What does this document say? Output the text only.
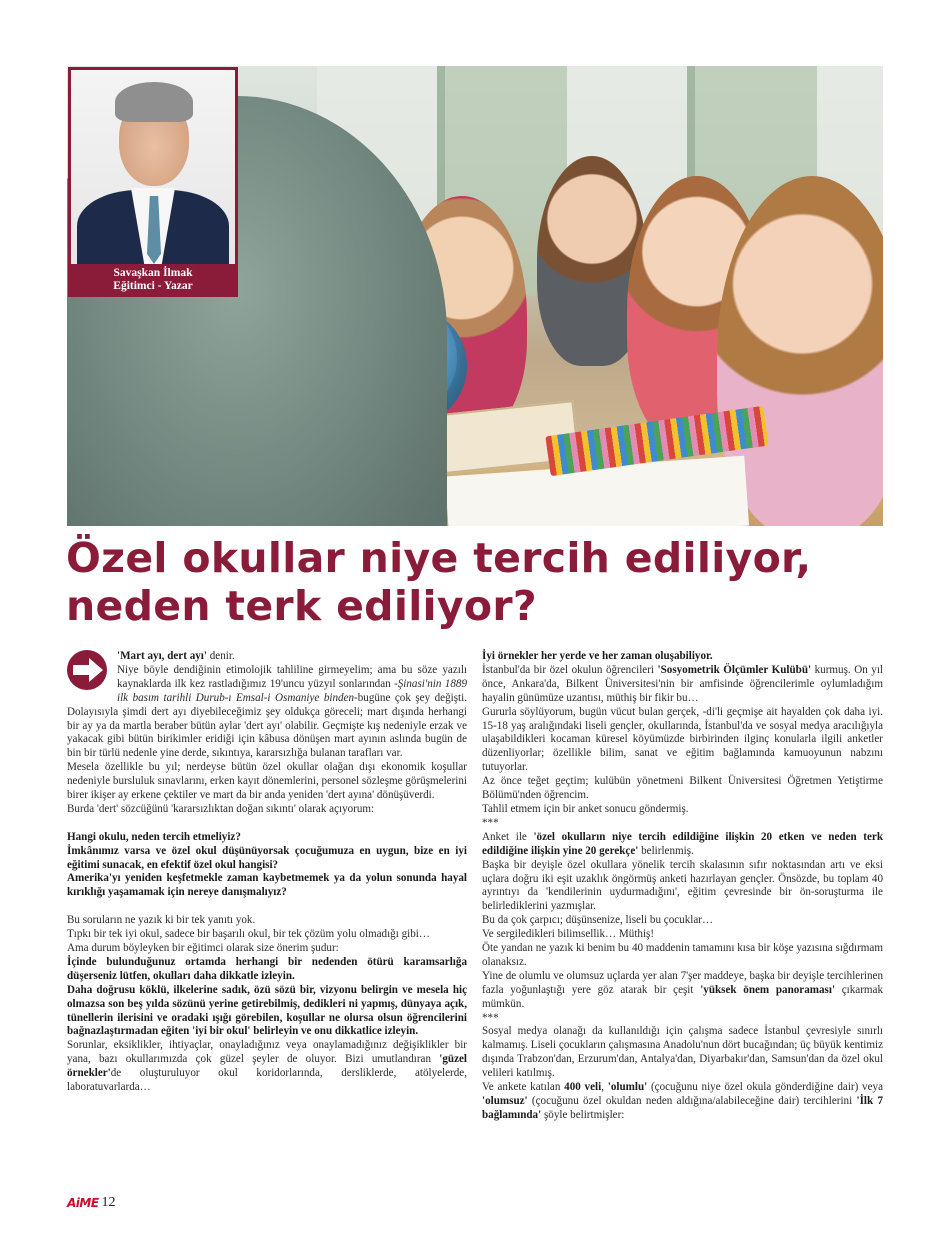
Savaşkan İlmak
Eğitimci - Yazar
Özel okullar niye tercih ediliyor,
neden terk ediliyor?

'Mart ayı, dert ayı' denir.

Niye böyle dendiğinin etimolojik tahliline girmeyelim; ama bu söze yazılı kaynaklarda ilk kez rastladığımız 19'uncu yüzyıl sonlarından -Şinasi'nin 1889 ilk basım tarihli Durub-ı Emsal-i Osmaniye binden-bugüne çok şey değişti. Dolayısıyla şimdi dert ayı diyebileceğimiz şey oldukça göreceli; mart dışında herhangi bir ay ya da martla beraber bütün aylar 'dert ayı' olabilir. Geçmişte kış nedeniyle erzak ve yakacak gibi bütün birikimler eridiği için kâbusa dönüşen mart ayının aslında bugün de bin bir türlü nedenle yine derde, sıkıntıya, kararsızlığa bulanan tarafları var.

Mesela özellikle bu yıl; nerdeyse bütün özel okullar olağan dışı ekonomik koşullar nedeniyle bursluluk sınavlarını, erken kayıt dönemlerini, personel sözleşme görüşmelerini birer ikişer ay erkene çektiler ve mart da bir anda yeniden 'dert ayına' dönüşüverdi.

Burda 'dert' sözcüğünü 'kararsızlıktan doğan sıkıntı' olarak açıyorum:

Hangi okulu, neden tercih etmeliyiz?

İmkânımız varsa ve özel okul düşünüyorsak çocuğumuza en uygun, bize en iyi eğitimi sunacak, en efektif özel okul hangisi?

Amerika'yı yeniden keşfetmekle zaman kaybetmemek ya da yolun sonunda hayal kırıklığı yaşamamak için nereye danışmalıyız?

Bu soruların ne yazık ki bir tek yanıtı yok.

Tıpkı bir tek iyi okul, sadece bir başarılı okul, bir tek çözüm yolu olmadığı gibi…

Ama durum böyleyken bir eğitimci olarak size önerim şudur:

İçinde bulunduğunuz ortamda herhangi bir nedenden ötürü karamsarlığa düşerseniz lütfen, okulları daha dikkatle izleyin.

Daha doğrusu köklü, ilkelerine sadık, özü sözü bir, vizyonu belirgin ve mesela hiç olmazsa son beş yılda sözünü yerine getirebilmiş, dedikleri ni yapmış, dünyaya açık, tünellerin ilerisini ve oradaki ışığı görebilen, koşullar ne olursa olsun öğrencilerini bağnazlaştırmadan eğiten 'iyi bir okul' belirleyin ve onu dikkatlice izleyin.

Sorunlar, eksiklikler, ihtiyaçlar, onayladığınız veya onaylamadığınız değişiklikler bir yana, bazı okullarımızda çok güzel şeyler de oluyor. Bizi umutlandıran 'güzel örnekler'de oluşturuluyor okul koridorlarında, dersliklerde, atölyelerde, laboratuvarlarda…

İyi örnekler her yerde ve her zaman oluşabiliyor.

İstanbul'da bir özel okulun öğrencileri 'Sosyometrik Ölçümler Kulübü' kurmuş. On yıl önce, Ankara'da, Bilkent Üniversitesi'nin bir amfisinde öğrencilerimle oylumladığım hayalin günümüze uzantısı, müthiş bir fikir bu…

Gururla söylüyorum, bugün vücut bulan gerçek, -di'li geçmişe ait hayalden çok daha iyi. 15-18 yaş aralığındaki liseli gençler, okullarında, İstanbul'da ve sosyal medya aracılığıyla ulaşabildikleri kocaman küresel köyümüzde birbirinden ilginç konularla ilgili anketler düzenliyorlar; özellikle bilim, sanat ve eğitim bağlamında kamuoyunun nabzını tutuyorlar.

Az önce teğet geçtim; kulübün yönetmeni Bilkent Üniversitesi Öğretmen Yetiştirme Bölümü'nden öğrencim.

Tahlil etmem için bir anket sonucu göndermiş.

***

Anket ile 'özel okulların niye tercih edildiğine ilişkin 20 etken ve neden terk edildiğine ilişkin yine 20 gerekçe' belirlenmiş.

Başka bir deyişle özel okullara yönelik tercih skalasının sıfır noktasından artı ve eksi uçlara doğru iki eşit uzaklık öngörmüş anketi hazırlayan gençler. Önsözde, bu toplam 40 ayrıntıyı da 'kendilerinin uydurmadığını', eğitim çevresinde bir ön-soruşturma ile belirlediklerini yazmışlar.

Bu da çok çarpıcı; düşünsenize, liseli bu çocuklar…

Ve sergiledikleri bilimsellik… Müthiş!

Öte yandan ne yazık ki benim bu 40 maddenin tamamını kısa bir köşe yazısına sığdırmam olanaksız.

Yine de olumlu ve olumsuz uçlarda yer alan 7'şer maddeye, başka bir deyişle tercihlerinen fazla yoğunlaştığı yere göz atarak bir çeşit 'yüksek önem panoraması' çıkarmak mümkün.

***

Sosyal medya olanağı da kullanıldığı için çalışma sadece İstanbul çevresiyle sınırlı kalmamış. Liseli çocukların çalışmasına Anadolu'nun dört bucağından; üç büyük kentimiz dışında Trabzon'dan, Erzurum'dan, Antalya'dan, Diyarbakır'dan, Samsun'dan da özel okul velileri katılmış.

Ve ankete katılan 400 veli, 'olumlu' (çocuğunu niye özel okula gönderdiğine dair) veya 'olumsuz' (çocuğunu özel okuldan neden aldığına/alabileceğine dair) tercihlerini 'İlk 7 bağlamında' şöyle belirtmişler:

AiME 12
